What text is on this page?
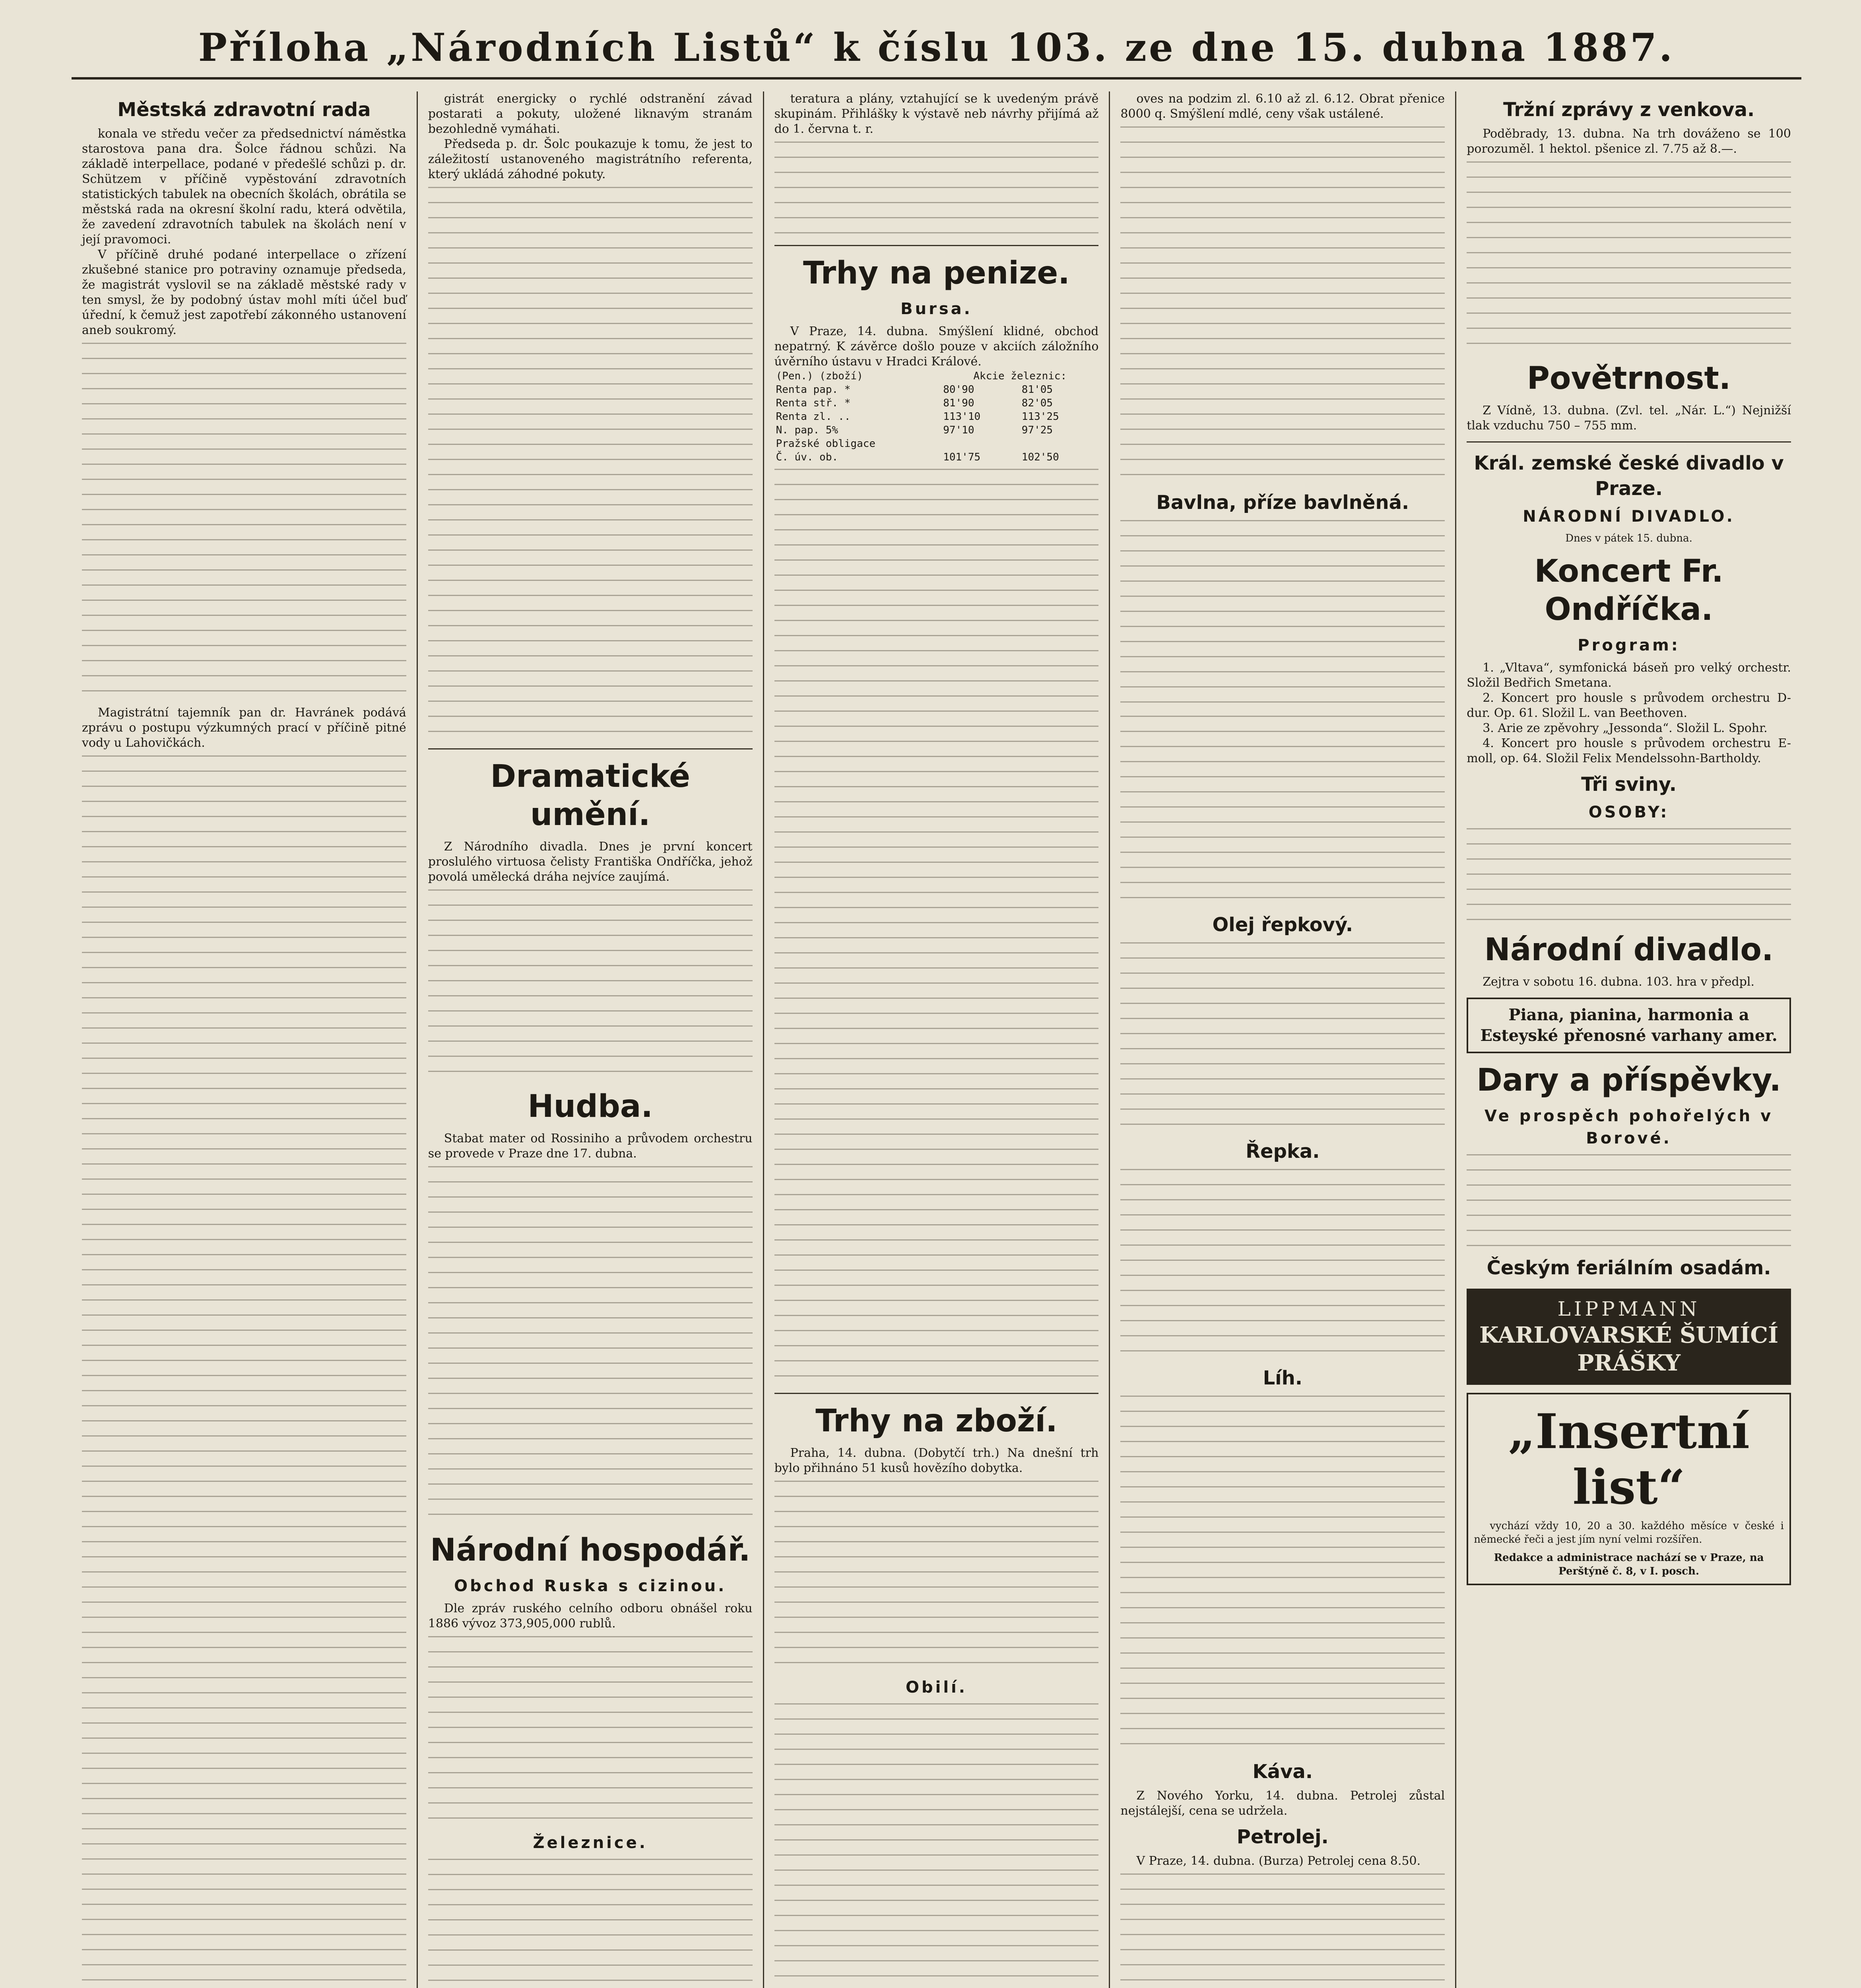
Příloha „Národních Listů“ k číslu 103. ze dne 15. dubna 1887.
Městská zdravotní rada

konala ve středu večer za předsednictví náměstka starostova pana dra. Šolce řádnou schůzi. Na základě interpellace, podané v předešlé schůzi p. dr. Schützem v příčině vypěstování zdravotních statistických tabulek na obecních školách, obrátila se městská rada na okresní školní radu, která odvětila, že zavedení zdravotních tabulek na školách není v její pravomoci.

V příčině druhé podané interpellace o zřízení zkušebné stanice pro potraviny oznamuje předseda, že magistrát vyslovil se na základě městské rady v ten smysl, že by podobný ústav mohl míti účel buď úřední, k čemuž jest zapotřebí zákonného ustanovení aneb soukromý.

Magistrátní tajemník pan dr. Havránek podává zprávu o postupu výzkumných prací v příčině pitné vody u Lahovičkách.

gistrát energicky o rychlé odstranění závad postarati a pokuty, uložené liknavým stranám bezohledně vymáhati.

Předseda p. dr. Šolc poukazuje k tomu, že jest to záležitostí ustanoveného magistrátního referenta, který ukládá záhodné pokuty.

Dramatické umění.

Z Národního divadla. Dnes je první koncert proslulého virtuosa čelisty Františka Ondříčka, jehož povolá umělecká dráha nejvíce zaujímá.

Hudba.

Stabat mater od Rossiniho a průvodem orchestru se provede v Praze dne 17. dubna.

Národní hospodář.
Obchod Ruska s cizinou.

Dle zpráv ruského celního odboru obnášel roku 1886 vývoz 373,905,000 rublů.

Železnice.

teratura a plány, vztahující se k uvedeným právě skupinám. Přihlášky k výstavě neb návrhy přijímá až do 1. června t. r.

Trhy na penize.
Bursa.

V Praze, 14. dubna. Smýšlení klidné, obchod nepatrný. K závěrce došlo pouze v akciích záložního úvěrního ústavu v Hradci Králové.

(Pen.) (zboží)	Akcie železnic:	
Renta pap. *	80'90	81'05
Renta stř. *	81'90	82'05
Renta zl. ..	113'10	113'25
N. pap. 5%	97'10	97'25
Pražské obligace		
Č. úv. ob.	101'75	102'50
Trhy na zboží.

Praha, 14. dubna. (Dobytčí trh.) Na dnešní trh bylo přihnáno 51 kusů hovězího dobytka.

Obilí.

oves na podzim zl. 6.10 až zl. 6.12. Obrat přenice 8000 q. Smýšlení mdlé, ceny však ustálené.

Bavlna, příze bavlněná.
Olej řepkový.
Řepka.
Líh.
Káva.

Z Nového Yorku, 14. dubna. Petrolej zůstal nejstálejší, cena se udržela.

Petrolej.

V Praze, 14. dubna. (Burza) Petrolej cena 8.50.

Tržní zprávy z venkova.

Poděbrady, 13. dubna. Na trh dováženo se 100 porozuměl. 1 hektol. pšenice zl. 7.75 až 8.—.

Povětrnost.

Z Vídně, 13. dubna. (Zvl. tel. „Nár. L.“) Nejnižší tlak vzduchu 750 – 755 mm.

Král. zemské české divadlo v Praze.
NÁRODNÍ DIVADLO.
Dnes v pátek 15. dubna.
Koncert Fr. Ondříčka.
Program:

1. „Vltava“, symfonická báseň pro velký orchestr. Složil Bedřich Smetana.

2. Koncert pro housle s průvodem orchestru D-dur. Op. 61. Složil L. van Beethoven.

3. Arie ze zpěvohry „Jessonda“. Složil L. Spohr.

4. Koncert pro housle s průvodem orchestru E-moll, op. 64. Složil Felix Mendelssohn-Bartholdy.

Tři sviny.
OSOBY:
Národní divadlo.

Zejtra v sobotu 16. dubna. 103. hra v předpl.

Piana, pianina, harmonia a Esteyské přenosné varhany amer.
Dary a příspěvky.
Ve prospěch pohořelých v Borové.
Českým feriálním osadám.
LIPPMANN
KARLOVARSKÉ ŠUMÍCÍ PRÁŠKY
„Insertní list“

vychází vždy 10, 20 a 30. každého měsíce v české i německé řeči a jest jím nyní velmi rozšířen.

Redakce a administrace nachází se v Praze, na Perštýně č. 8, v I. posch.
